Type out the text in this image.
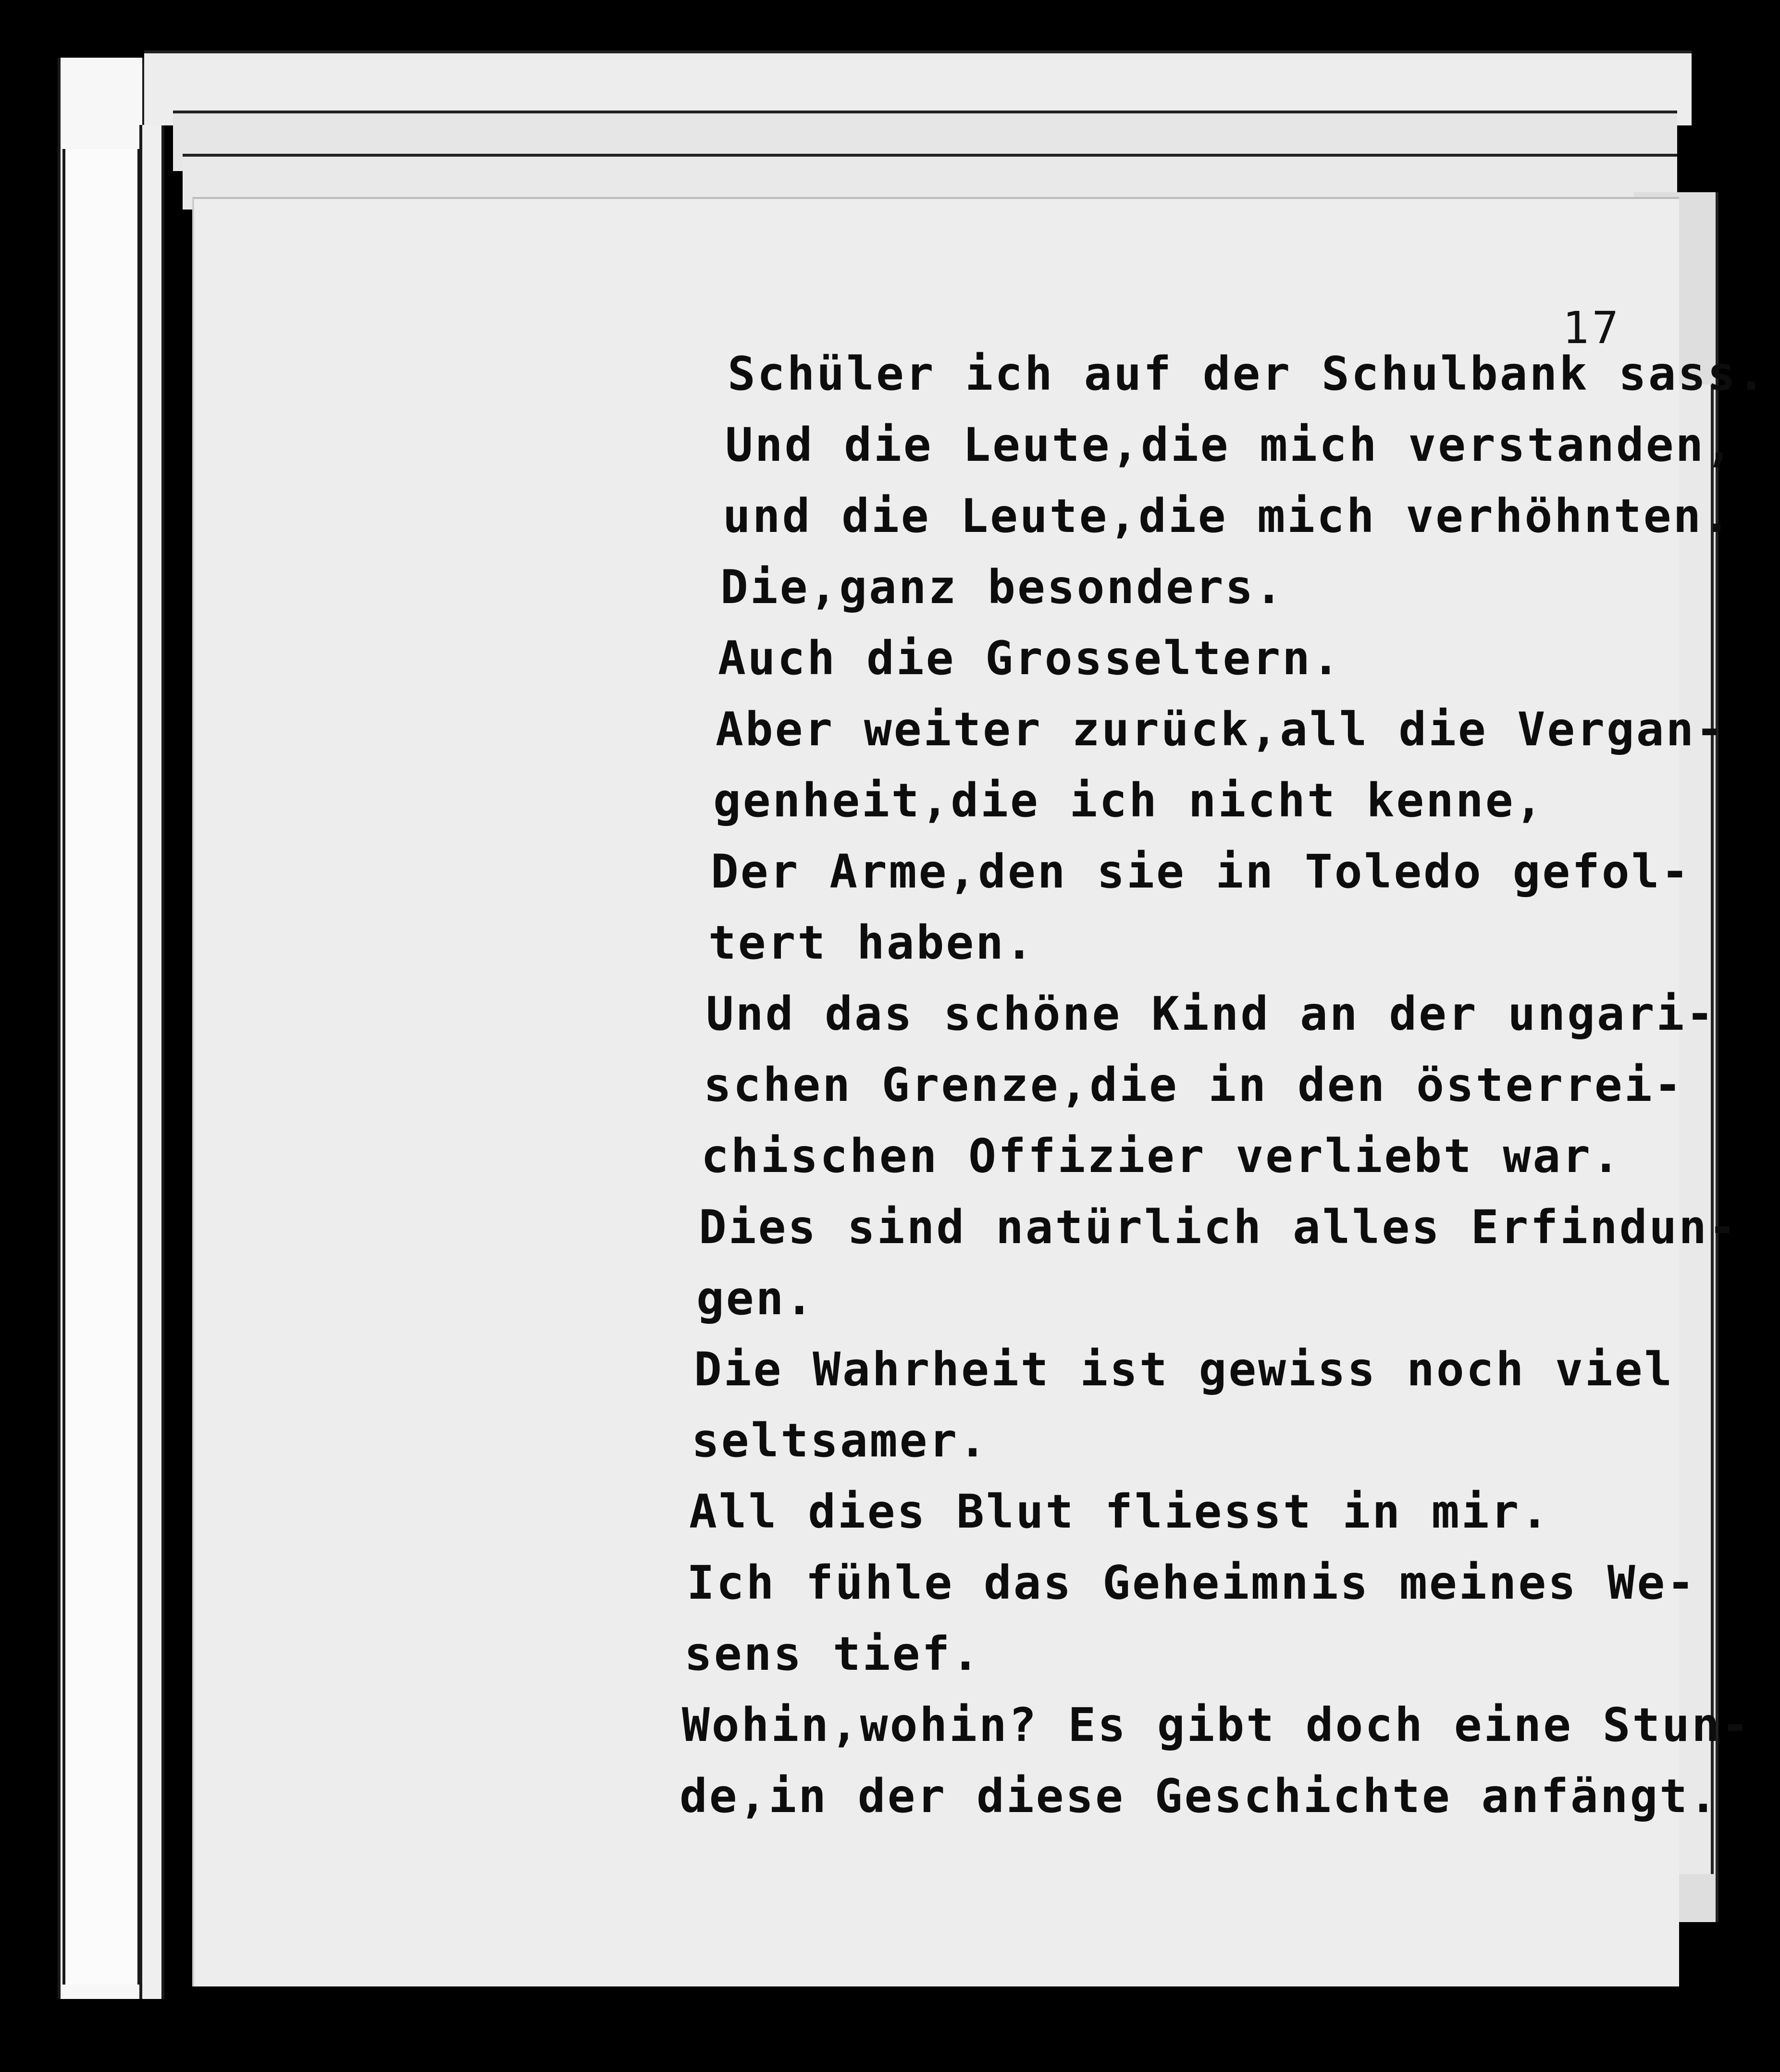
17
Schüler ich auf der Schulbank sass.
Und die Leute,die mich verstanden,
und die Leute,die mich verhöhnten.
Die,ganz besonders.
Auch die Grosseltern.
Aber weiter zurück,all die Vergan-
genheit,die ich nicht kenne,
Der Arme,den sie in Toledo gefol-
tert haben.
Und das schöne Kind an der ungari-
schen Grenze,die in den österrei-
chischen Offizier verliebt war.
Dies sind natürlich alles Erfindun-
gen.
Die Wahrheit ist gewiss noch viel
seltsamer.
All dies Blut fliesst in mir.
Ich fühle das Geheimnis meines We-
sens tief.
Wohin,wohin? Es gibt doch eine Stun-
de,in der diese Geschichte anfängt.
